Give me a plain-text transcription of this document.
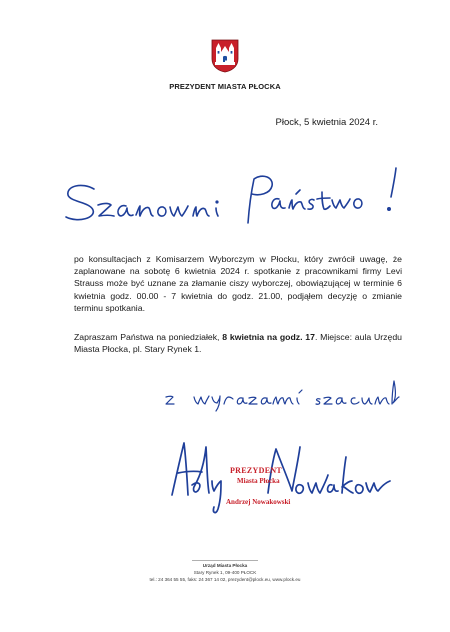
PREZYDENT MIASTA PŁOCKA
Płock, 5 kwietnia 2024 r.
po konsultacjach z Komisarzem Wyborczym w Płocku, który zwrócił uwagę, że zaplanowane na sobotę 6 kwietnia 2024 r. spotkanie z pracownikami firmy Levi Strauss może być uznane za złamanie ciszy wyborczej, obowiązującej w terminie 6 kwietnia godz. 00.00 - 7 kwietnia do godz. 21.00, podjąłem decyzję o zmianie terminu spotkania.
Zapraszam Państwa na poniedziałek, 8 kwietnia na godz. 17. Miejsce: aula Urzędu Miasta Płocka, pl. Stary Rynek 1.
PREZYDENT
Miasta Płocka
Andrzej Nowakowski
Urząd Miasta Płocka
Stary Rynek 1, 09-400 PŁOCK
tel.: 24 364 55 55, faks: 24 367 14 02, prezydent@plock.eu, www.plock.eu
